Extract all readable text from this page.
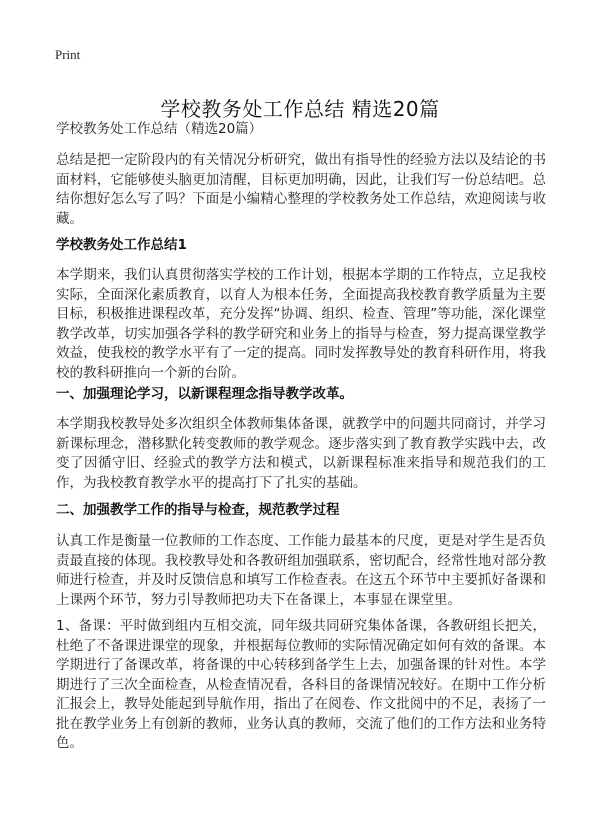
Print
学校教务处工作总结 精选20篇

学校教务处工作总结（精选20篇）

总结是把一定阶段内的有关情况分析研究，做出有指导性的经验方法以及结论的书面材料，它能够使头脑更加清醒，目标更加明确，因此，让我们写一份总结吧。总结你想好怎么写了吗？下面是小编精心整理的学校教务处工作总结，欢迎阅读与收藏。

学校教务处工作总结1

本学期来，我们认真贯彻落实学校的工作计划，根据本学期的工作特点，立足我校实际，全面深化素质教育，以育人为根本任务，全面提高我校教育教学质量为主要目标，积极推进课程改革，充分发挥“协调、组织、检查、管理”等功能，深化课堂教学改革，切实加强各学科的教学研究和业务上的指导与检查，努力提高课堂教学效益，使我校的教学水平有了一定的提高。同时发挥教导处的教育科研作用，将我校的教科研推向一个新的台阶。

一、加强理论学习，以新课程理念指导教学改革。

本学期我校教导处多次组织全体教师集体备课，就教学中的问题共同商讨，并学习新课标理念，潜移默化转变教师的教学观念。逐步落实到了教育教学实践中去，改变了因循守旧、经验式的教学方法和模式，以新课程标准来指导和规范我们的工作，为我校教育教学水平的提高打下了扎实的基础。

二、加强教学工作的指导与检查，规范教学过程

认真工作是衡量一位教师的工作态度、工作能力最基本的尺度，更是对学生是否负责最直接的体现。我校教导处和各教研组加强联系，密切配合，经常性地对部分教师进行检查，并及时反馈信息和填写工作检查表。在这五个环节中主要抓好备课和上课两个环节，努力引导教师把功夫下在备课上，本事显在课堂里。

1、备课：平时做到组内互相交流，同年级共同研究集体备课，各教研组长把关，杜绝了不备课进课堂的现象，并根据每位教师的实际情况确定如何有效的备课。本学期进行了备课改革，将备课的中心转移到备学生上去，加强备课的针对性。本学期进行了三次全面检查，从检查情况看，各科目的备课情况较好。在期中工作分析汇报会上，教导处能起到导航作用，指出了在阅卷、作文批阅中的不足，表扬了一批在教学业务上有创新的教师，业务认真的教师，交流了他们的工作方法和业务特色。
